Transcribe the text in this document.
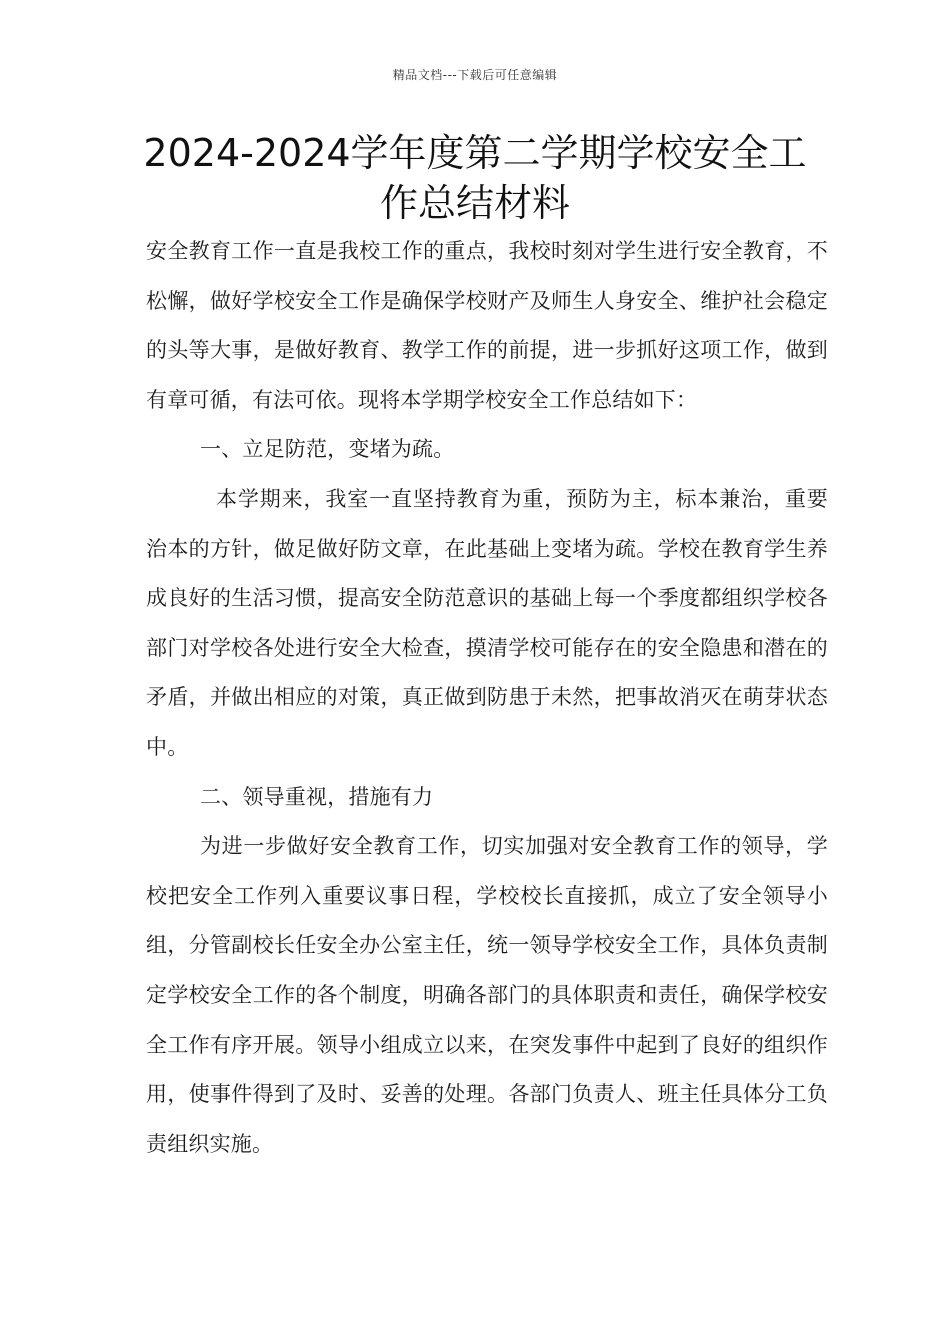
精品文档---下载后可任意编辑
2024-2024学年度第二学期学校安全工作总结材料

安全教育工作一直是我校工作的重点，我校时刻对学生进行安全教育，不松懈，做好学校安全工作是确保学校财产及师生人身安全、维护社会稳定的头等大事，是做好教育、教学工作的前提，进一步抓好这项工作，做到有章可循，有法可依。现将本学期学校安全工作总结如下：

一、立足防范，变堵为疏。

本学期来，我室一直坚持教育为重，预防为主，标本兼治，重要治本的方针，做足做好防文章，在此基础上变堵为疏。学校在教育学生养成良好的生活习惯，提高安全防范意识的基础上每一个季度都组织学校各部门对学校各处进行安全大检查，摸清学校可能存在的安全隐患和潜在的矛盾，并做出相应的对策，真正做到防患于未然，把事故消灭在萌芽状态中。

二、领导重视，措施有力

为进一步做好安全教育工作，切实加强对安全教育工作的领导，学校把安全工作列入重要议事日程，学校校长直接抓，成立了安全领导小组，分管副校长任安全办公室主任，统一领导学校安全工作，具体负责制定学校安全工作的各个制度，明确各部门的具体职责和责任，确保学校安全工作有序开展。领导小组成立以来，在突发事件中起到了良好的组织作用，使事件得到了及时、妥善的处理。各部门负责人、班主任具体分工负责组织实施。
